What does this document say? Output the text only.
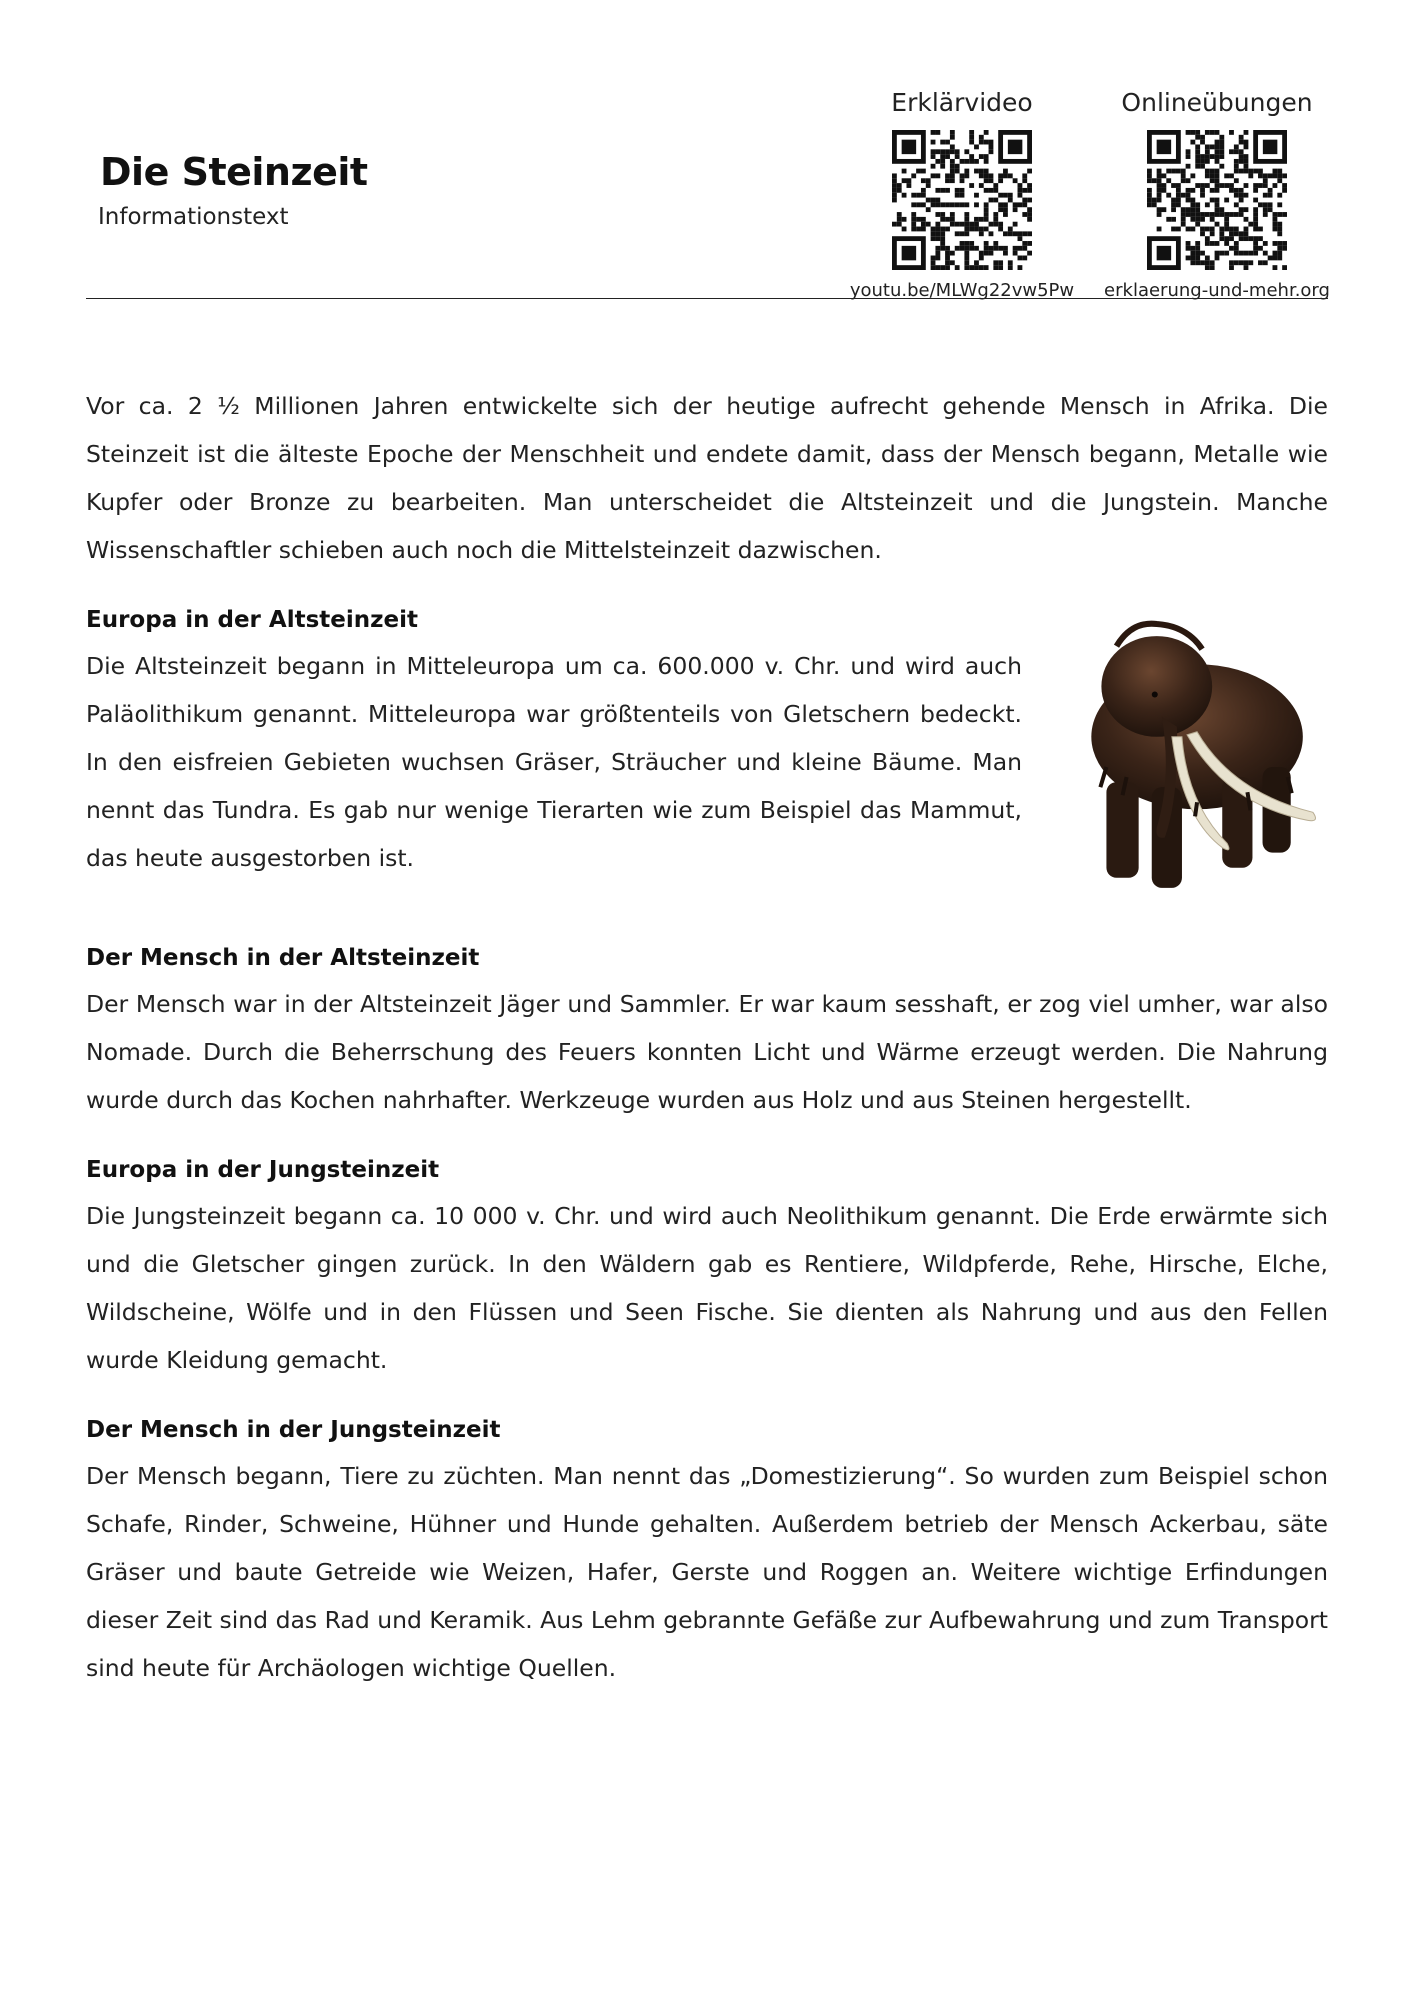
Die Steinzeit
Informationstext
Erklärvideo
youtu.be/MLWg22vw5Pw
Onlineübungen
erklaerung-und-mehr.org

Vor ca. 2 ½ Millionen Jahren entwickelte sich der heutige aufrecht gehende Mensch in Afrika. Die Steinzeit ist die älteste Epoche der Menschheit und endete damit, dass der Mensch begann, Metalle wie Kupfer oder Bronze zu bearbeiten. Man unterscheidet die Altsteinzeit und die Jungstein. Manche Wissenschaftler schieben auch noch die Mittelsteinzeit dazwischen.

Europa in der Altsteinzeit

Die Altsteinzeit begann in Mitteleuropa um ca. 600.000 v. Chr. und wird auch Paläolithikum genannt. Mitteleuropa war größtenteils von Gletschern bedeckt. In den eisfreien Gebieten wuchsen Gräser, Sträucher und kleine Bäume. Man nennt das Tundra. Es gab nur wenige Tierarten wie zum Beispiel das Mammut, das heute ausgestorben ist.

Der Mensch in der Altsteinzeit

Der Mensch war in der Altsteinzeit Jäger und Sammler. Er war kaum sesshaft, er zog viel umher, war also Nomade. Durch die Beherrschung des Feuers konnten Licht und Wärme erzeugt werden. Die Nahrung wurde durch das Kochen nahrhafter. Werkzeuge wurden aus Holz und aus Steinen hergestellt.

Europa in der Jungsteinzeit

Die Jungsteinzeit begann ca. 10 000 v. Chr. und wird auch Neolithikum genannt. Die Erde erwärmte sich und die Gletscher gingen zurück. In den Wäldern gab es Rentiere, Wildpferde, Rehe, Hirsche, Elche, Wildscheine, Wölfe und in den Flüssen und Seen Fische. Sie dienten als Nahrung und aus den Fellen wurde Kleidung gemacht.

Der Mensch in der Jungsteinzeit

Der Mensch begann, Tiere zu züchten. Man nennt das „Domestizierung“. So wurden zum Beispiel schon Schafe, Rinder, Schweine, Hühner und Hunde gehalten. Außerdem betrieb der Mensch Ackerbau, säte Gräser und baute Getreide wie Weizen, Hafer, Gerste und Roggen an. Weitere wichtige Erfindungen dieser Zeit sind das Rad und Keramik. Aus Lehm gebrannte Gefäße zur Aufbewahrung und zum Transport sind heute für Archäologen wichtige Quellen.
